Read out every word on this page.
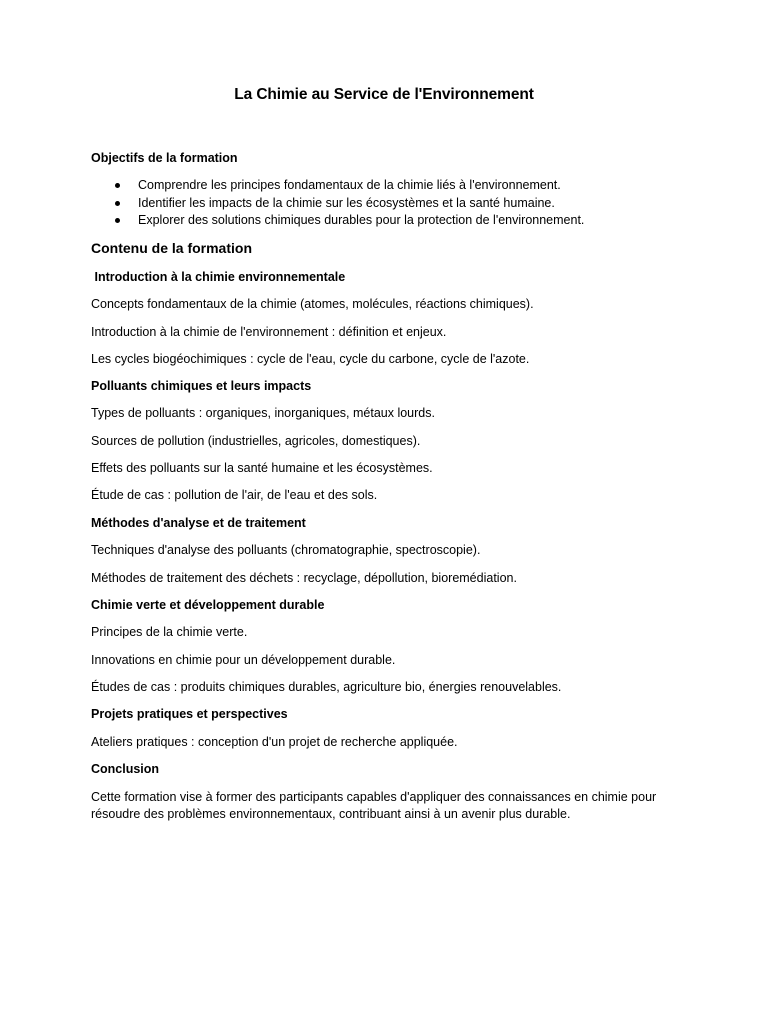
La Chimie au Service de l'Environnement
Objectifs de la formation
Comprendre les principes fondamentaux de la chimie liés à l'environnement.
Identifier les impacts de la chimie sur les écosystèmes et la santé humaine.
Explorer des solutions chimiques durables pour la protection de l'environnement.
Contenu de la formation
Introduction à la chimie environnementale
Concepts fondamentaux de la chimie (atomes, molécules, réactions chimiques).
Introduction à la chimie de l'environnement : définition et enjeux.
Les cycles biogéochimiques : cycle de l'eau, cycle du carbone, cycle de l'azote.
Polluants chimiques et leurs impacts
Types de polluants : organiques, inorganiques, métaux lourds.
Sources de pollution (industrielles, agricoles, domestiques).
Effets des polluants sur la santé humaine et les écosystèmes.
Étude de cas : pollution de l'air, de l'eau et des sols.
Méthodes d'analyse et de traitement
Techniques d'analyse des polluants (chromatographie, spectroscopie).
Méthodes de traitement des déchets : recyclage, dépollution, bioremédiation.
Chimie verte et développement durable
Principes de la chimie verte.
Innovations en chimie pour un développement durable.
Études de cas : produits chimiques durables, agriculture bio, énergies renouvelables.
Projets pratiques et perspectives
Ateliers pratiques : conception d'un projet de recherche appliquée.
Conclusion
Cette formation vise à former des participants capables d'appliquer des connaissances en chimie pour résoudre des problèmes environnementaux, contribuant ainsi à un avenir plus durable.
